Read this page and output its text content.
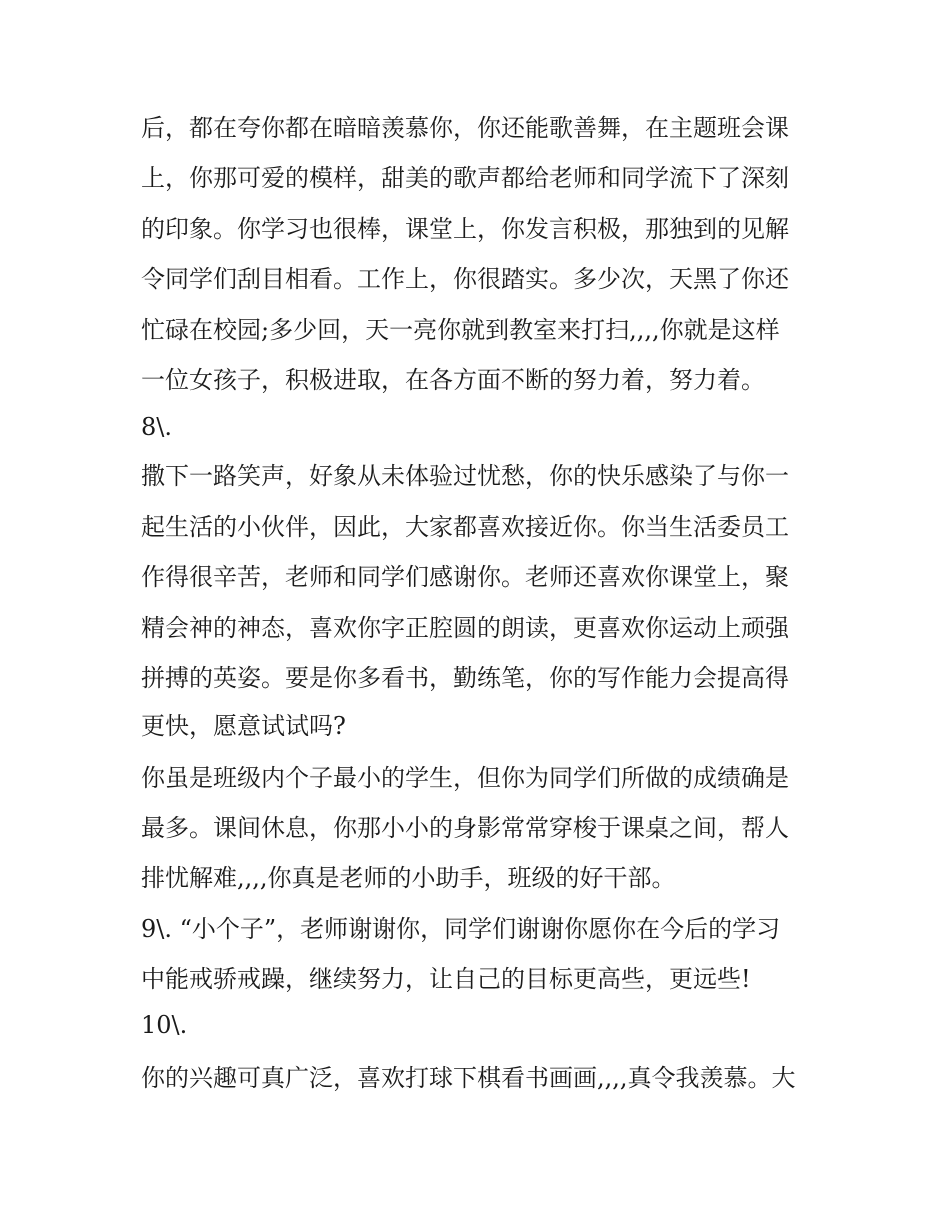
后，都在夸你都在暗暗羡慕你，你还能歌善舞，在主题班会课
上，你那可爱的模样，甜美的歌声都给老师和同学流下了深刻
的印象。你学习也很棒，课堂上，你发言积极，那独到的见解
令同学们刮目相看。工作上，你很踏实。多少次，天黑了你还
忙碌在校园;多少回，天一亮你就到教室来打扫,,,,你就是这样
一位女孩子，积极进取，在各方面不断的努力着，努力着。
8\.
撒下一路笑声，好象从未体验过忧愁，你的快乐感染了与你一
起生活的小伙伴，因此，大家都喜欢接近你。你当生活委员工
作得很辛苦，老师和同学们感谢你。老师还喜欢你课堂上，聚
精会神的神态，喜欢你字正腔圆的朗读，更喜欢你运动上顽强
拼搏的英姿。要是你多看书，勤练笔，你的写作能力会提高得
更快，愿意试试吗?
你虽是班级内个子最小的学生，但你为同学们所做的成绩确是
最多。课间休息，你那小小的身影常常穿梭于课桌之间，帮人
排忧解难,,,,你真是老师的小助手，班级的好干部。
9\. “小个子”，老师谢谢你，同学们谢谢你愿你在今后的学习
中能戒骄戒躁，继续努力，让自己的目标更高些，更远些!
10\.
你的兴趣可真广泛，喜欢打球下棋看书画画,,,,真令我羡慕。大
